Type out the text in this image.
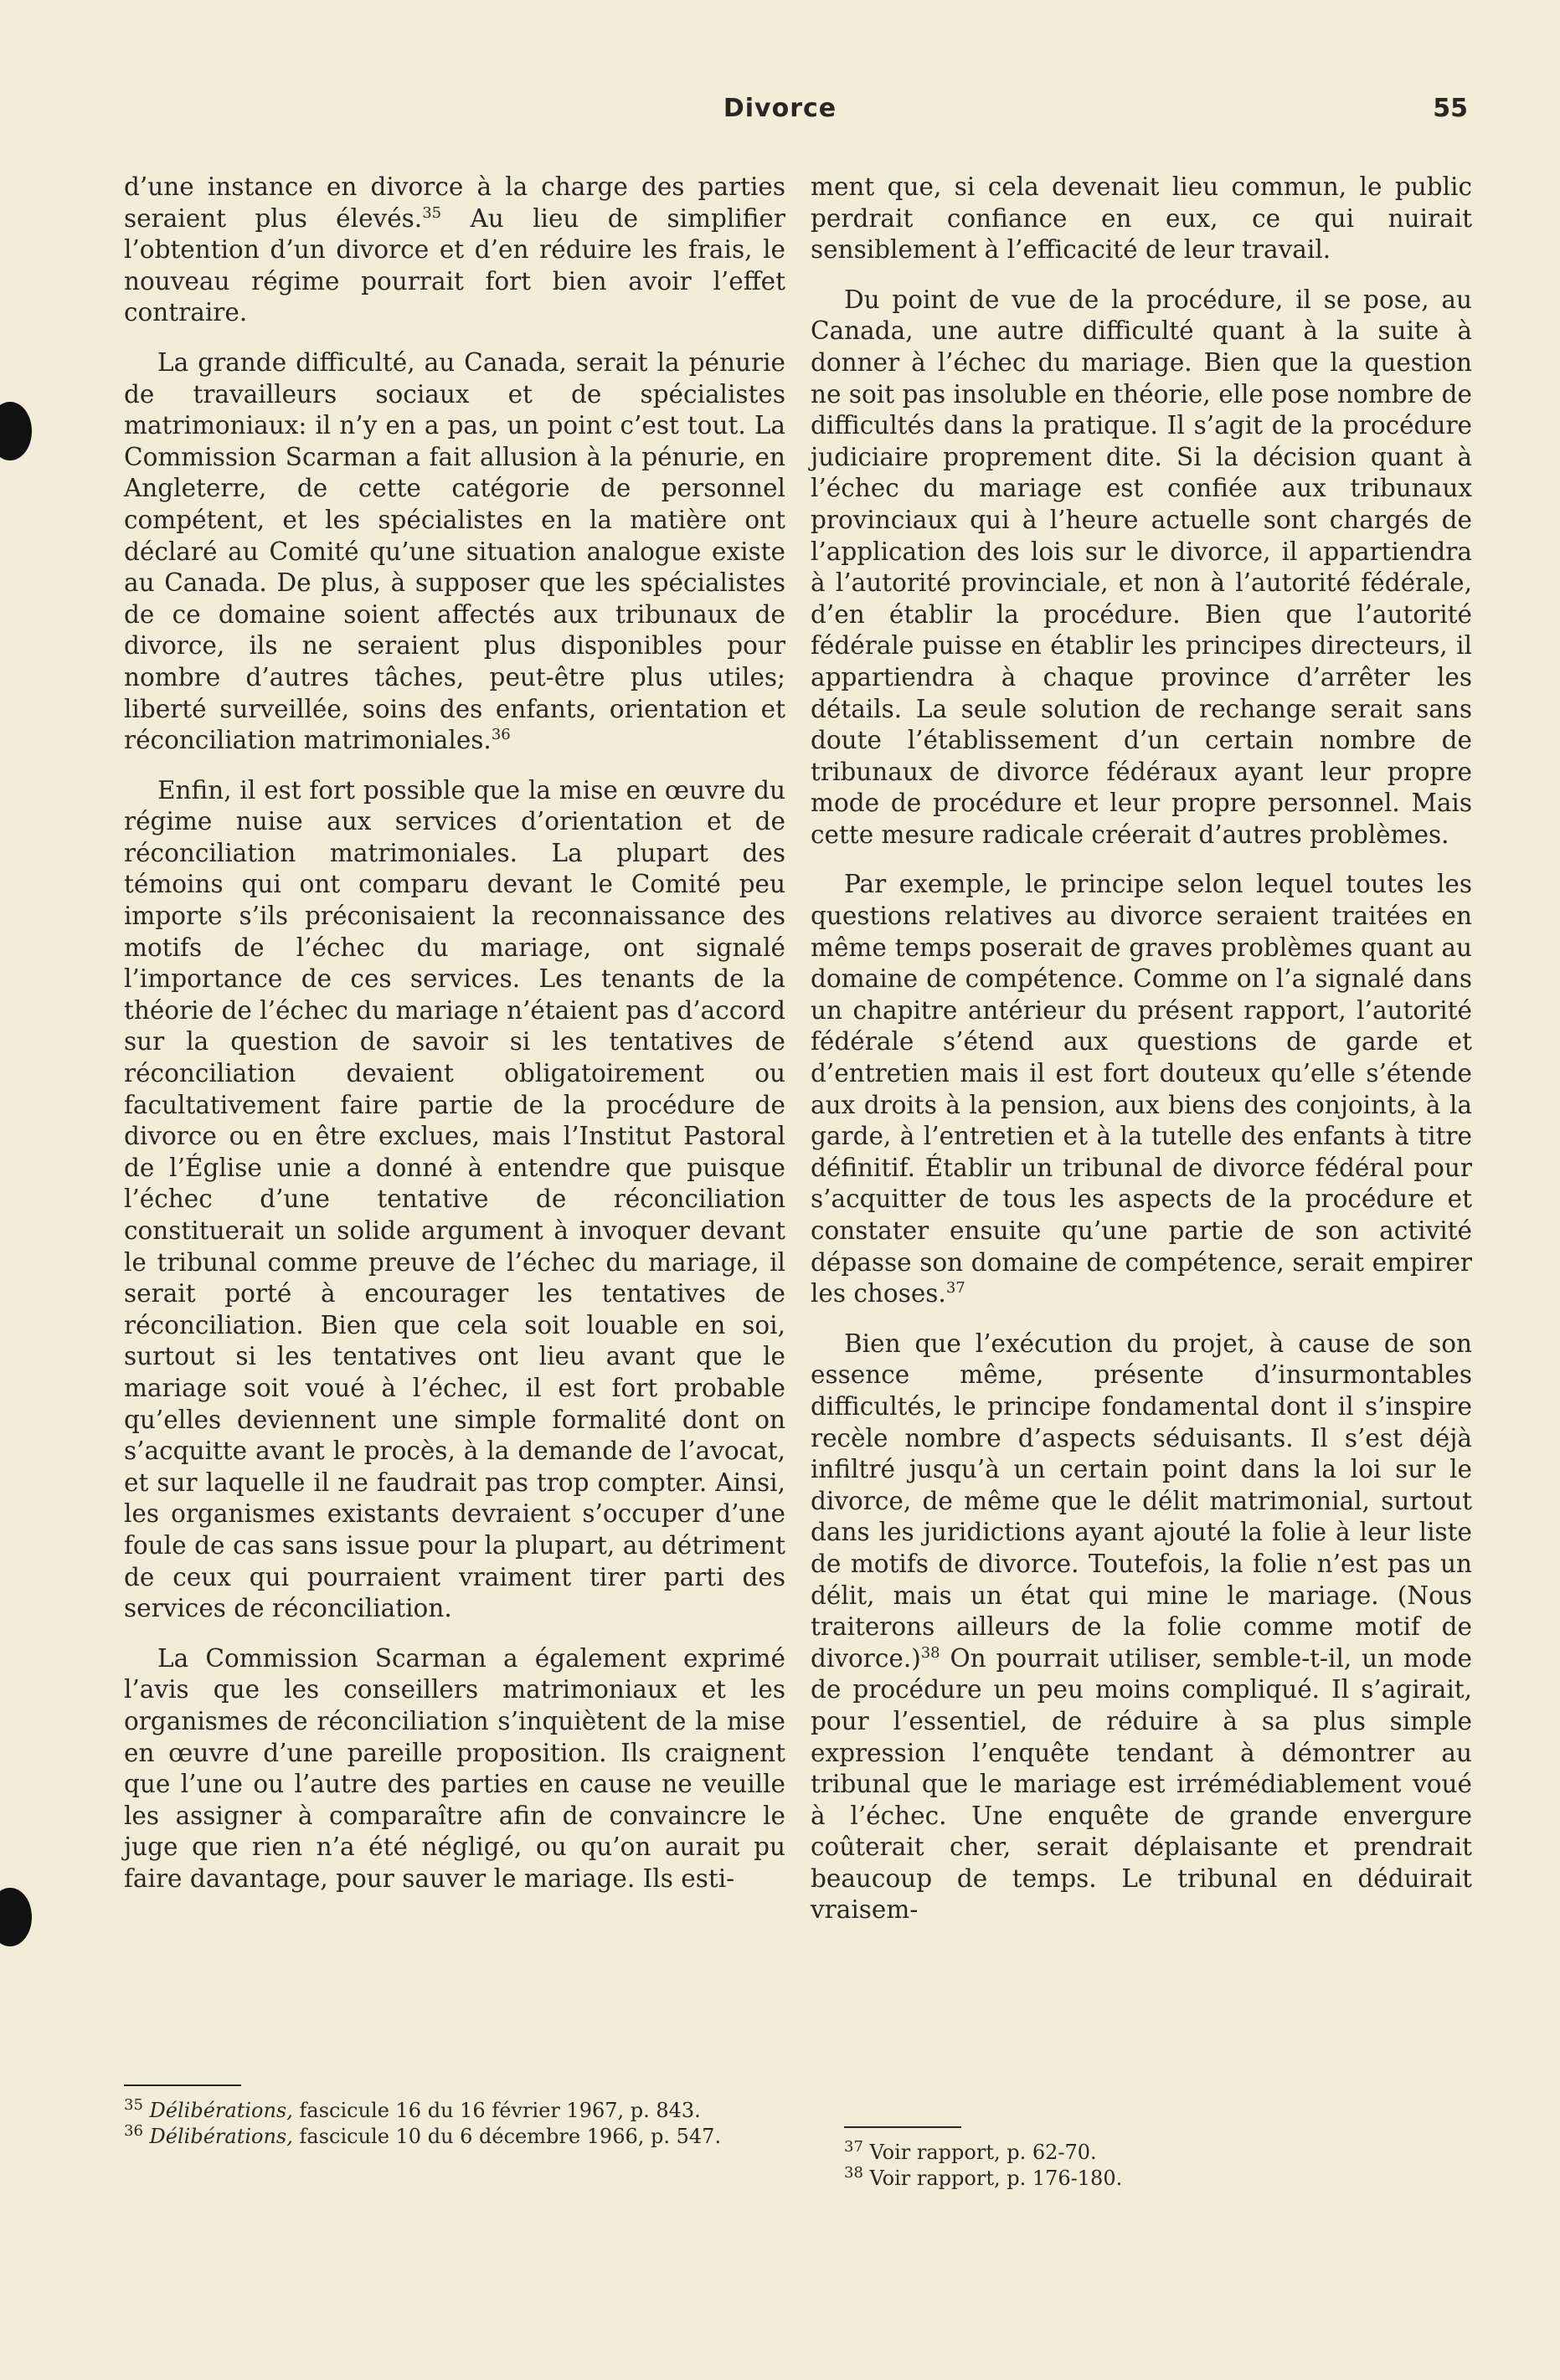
Divorce	55

d’une instance en divorce à la charge des parties seraient plus élevés.$^{35}$ Au lieu de simplifier l’obtention d’un divorce et d’en réduire les frais, le nouveau régime pourrait fort bien avoir l’effet contraire.

La grande difficulté, au Canada, serait la pénurie de travailleurs sociaux et de spécialistes matrimoniaux: il n’y en a pas, un point c’est tout. La Commission Scarman a fait allusion à la pénurie, en Angleterre, de cette catégorie de personnel compétent, et les spécialistes en la matière ont déclaré au Comité qu’une situation analogue existe au Canada. De plus, à supposer que les spécialistes de ce domaine soient affectés aux tribunaux de divorce, ils ne seraient plus disponibles pour nombre d’autres tâches, peut-être plus utiles; liberté surveillée, soins des enfants, orientation et réconciliation matrimoniales.$^{36}$

Enfin, il est fort possible que la mise en œuvre du régime nuise aux services d’orientation et de réconciliation matrimoniales. La plupart des témoins qui ont comparu devant le Comité peu importe s’ils préconisaient la reconnaissance des motifs de l’échec du mariage, ont signalé l’importance de ces services. Les tenants de la théorie de l’échec du mariage n’étaient pas d’accord sur la question de savoir si les tentatives de réconciliation devaient obligatoirement ou facultativement faire partie de la procédure de divorce ou en être exclues, mais l’Institut Pastoral de l’Église unie a donné à entendre que puisque l’échec d’une tentative de réconciliation constituerait un solide argument à invoquer devant le tribunal comme preuve de l’échec du mariage, il serait porté à encourager les tentatives de réconciliation. Bien que cela soit louable en soi, surtout si les tentatives ont lieu avant que le mariage soit voué à l’échec, il est fort probable qu’elles deviennent une simple formalité dont on s’acquitte avant le procès, à la demande de l’avocat, et sur laquelle il ne faudrait pas trop compter. Ainsi, les organismes existants devraient s’occuper d’une foule de cas sans issue pour la plupart, au détriment de ceux qui pourraient vraiment tirer parti des services de réconciliation.

La Commission Scarman a également exprimé l’avis que les conseillers matrimoniaux et les organismes de réconciliation s’inquiètent de la mise en œuvre d’une pareille proposition. Ils craignent que l’une ou l’autre des parties en cause ne veuille les assigner à comparaître afin de convaincre le juge que rien n’a été négligé, ou qu’on aurait pu faire davantage, pour sauver le mariage. Ils esti-

ment que, si cela devenait lieu commun, le public perdrait confiance en eux, ce qui nuirait sensiblement à l’efficacité de leur travail.

Du point de vue de la procédure, il se pose, au Canada, une autre difficulté quant à la suite à donner à l’échec du mariage. Bien que la question ne soit pas insoluble en théorie, elle pose nombre de difficultés dans la pratique. Il s’agit de la procédure judiciaire proprement dite. Si la décision quant à l’échec du mariage est confiée aux tribunaux provinciaux qui à l’heure actuelle sont chargés de l’application des lois sur le divorce, il appartiendra à l’autorité provinciale, et non à l’autorité fédérale, d’en établir la procédure. Bien que l’autorité fédérale puisse en établir les principes directeurs, il appartiendra à chaque province d’arrêter les détails. La seule solution de rechange serait sans doute l’établissement d’un certain nombre de tribunaux de divorce fédéraux ayant leur propre mode de procédure et leur propre personnel. Mais cette mesure radicale créerait d’autres problèmes.

Par exemple, le principe selon lequel toutes les questions relatives au divorce seraient traitées en même temps poserait de graves problèmes quant au domaine de compétence. Comme on l’a signalé dans un chapitre antérieur du présent rapport, l’autorité fédérale s’étend aux questions de garde et d’entretien mais il est fort douteux qu’elle s’étende aux droits à la pension, aux biens des conjoints, à la garde, à l’entretien et à la tutelle des enfants à titre définitif. Établir un tribunal de divorce fédéral pour s’acquitter de tous les aspects de la procédure et constater ensuite qu’une partie de son activité dépasse son domaine de compétence, serait empirer les choses.$^{37}$

Bien que l’exécution du projet, à cause de son essence même, présente d’insurmontables difficultés, le principe fondamental dont il s’inspire recèle nombre d’aspects séduisants. Il s’est déjà infiltré jusqu’à un certain point dans la loi sur le divorce, de même que le délit matrimonial, surtout dans les juridictions ayant ajouté la folie à leur liste de motifs de divorce. Toutefois, la folie n’est pas un délit, mais un état qui mine le mariage. (Nous traiterons ailleurs de la folie comme motif de divorce.)$^{38}$ On pourrait utiliser, semble-t-il, un mode de procédure un peu moins compliqué. Il s’agirait, pour l’essentiel, de réduire à sa plus simple expression l’enquête tendant à démontrer au tribunal que le mariage est irrémédiablement voué à l’échec. Une enquête de grande envergure coûterait cher, serait déplaisante et prendrait beaucoup de temps. Le tribunal en déduirait vraisem-

$^{35}$ Délibérations, fascicule 16 du 16 février 1967, p. 843.

$^{36}$ Délibérations, fascicule 10 du 6 décembre 1966, p. 547.	$^{37}$ Voir rapport, p. 62-70.

$^{38}$ Voir rapport, p. 176-180.
